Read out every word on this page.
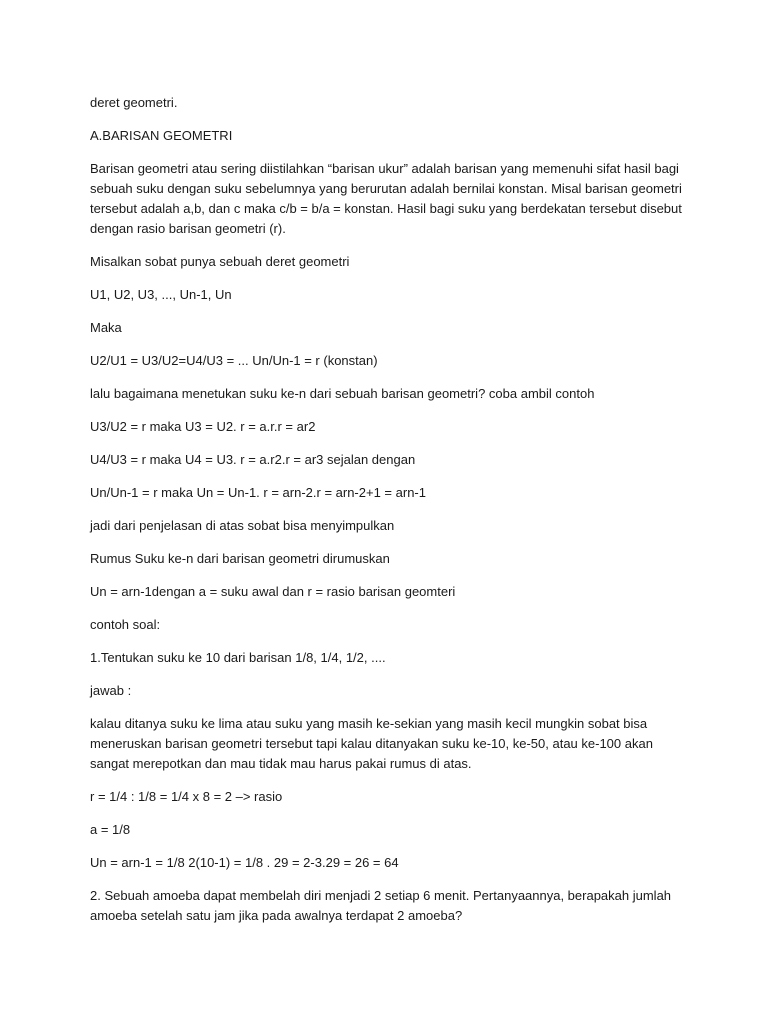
deret geometri.

A.BARISAN GEOMETRI

Barisan geometri atau sering diistilahkan “barisan ukur” adalah barisan yang memenuhi sifat hasil bagi sebuah suku dengan suku sebelumnya yang berurutan adalah bernilai konstan. Misal barisan geometri tersebut adalah a,b, dan c maka c/b = b/a = konstan. Hasil bagi suku yang berdekatan tersebut disebut dengan rasio barisan geometri (r).

Misalkan sobat punya sebuah deret geometri

U1, U2, U3, ..., Un-1, Un

Maka

U2/U1 = U3/U2=U4/U3 = ... Un/Un-1 = r (konstan)

lalu bagaimana menetukan suku ke-n dari sebuah barisan geometri? coba ambil contoh

U3/U2 = r maka U3 = U2. r = a.r.r = ar2

U4/U3 = r maka U4 = U3. r = a.r2.r = ar3 sejalan dengan

Un/Un-1 = r maka Un = Un-1. r = arn-2.r = arn-2+1 = arn-1

jadi dari penjelasan di atas sobat bisa menyimpulkan

Rumus Suku ke-n dari barisan geometri dirumuskan

Un = arn-1dengan a = suku awal dan r = rasio barisan geomteri

contoh soal:

1.Tentukan suku ke 10 dari barisan 1/8, 1/4, 1/2, ....

jawab :

kalau ditanya suku ke lima atau suku yang masih ke-sekian yang masih kecil mungkin sobat bisa meneruskan barisan geometri tersebut tapi kalau ditanyakan suku ke-10, ke-50, atau ke-100 akan sangat merepotkan dan mau tidak mau harus pakai rumus di atas.

r = 1/4 : 1/8 = 1/4 x 8 = 2 –> rasio

a = 1/8

Un = arn-1 = 1/8 2(10-1) = 1/8 . 29 = 2-3.29 = 26 = 64

2. Sebuah amoeba dapat membelah diri menjadi 2 setiap 6 menit. Pertanyaannya, berapakah jumlah amoeba setelah satu jam jika pada awalnya terdapat 2 amoeba?
